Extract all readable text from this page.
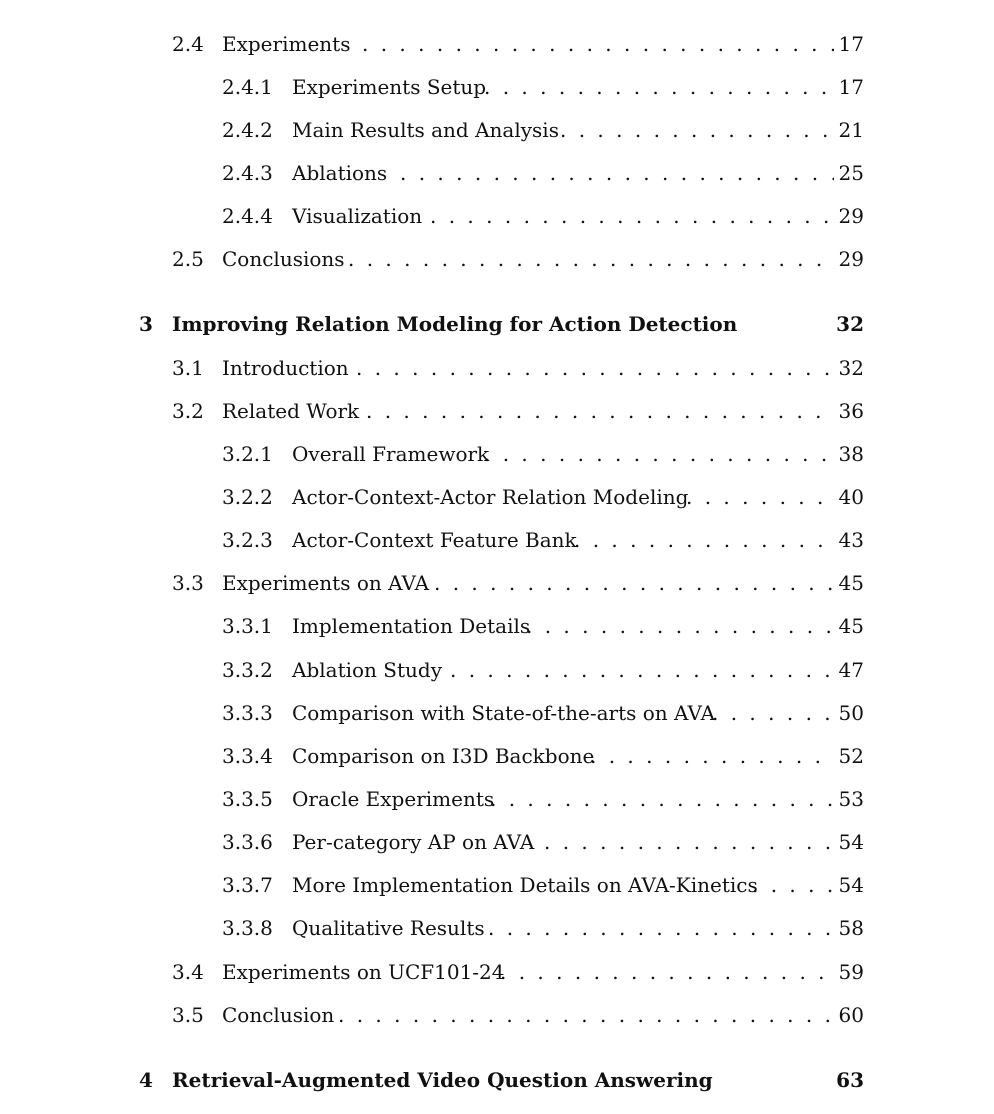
2.4 Experiments . . .	17
2.4.1 Experiments Setup . . .	17
2.4.2 Main Results and Analysis . . .	21
2.4.3 Ablations . . .	25
2.4.4 Visualization . . .	29
2.5 Conclusions . . .	29
3 Improving Relation Modeling for Action Detection	32
3.1 Introduction . . .	32
3.2 Related Work . . .	36
3.2.1 Overall Framework . . .	38
3.2.2 Actor-Context-Actor Relation Modeling . . .	40
3.2.3 Actor-Context Feature Bank . . .	43
3.3 Experiments on AVA . . .	45
3.3.1 Implementation Details . . .	45
3.3.2 Ablation Study . . .	47
3.3.3 Comparison with State-of-the-arts on AVA . . .	50
3.3.4 Comparison on I3D Backbone . . .	52
3.3.5 Oracle Experiments . . .	53
3.3.6 Per-category AP on AVA . . .	54
3.3.7 More Implementation Details on AVA-Kinetics . . .	54
3.3.8 Qualitative Results . . .	58
3.4 Experiments on UCF101-24 . . .	59
3.5 Conclusion . . .	60
4 Retrieval-Augmented Video Question Answering	63
